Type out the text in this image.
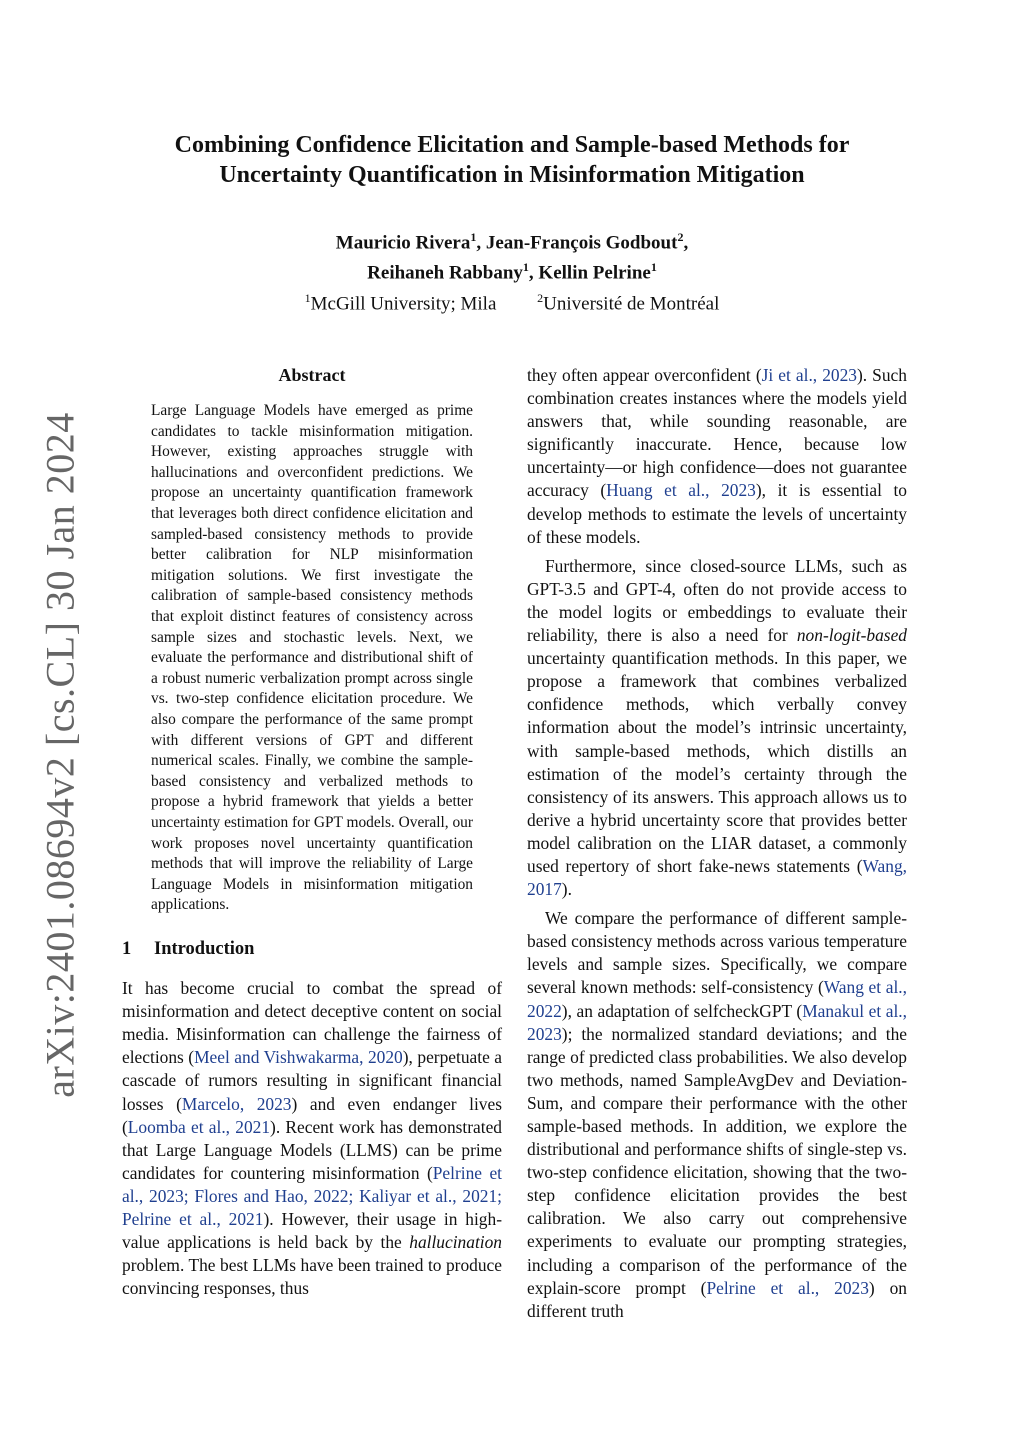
arXiv:2401.08694v2 [cs.CL] 30 Jan 2024
Combining Confidence Elicitation and Sample-based Methods for
Uncertainty Quantification in Misinformation Mitigation
Mauricio Rivera$^1$, Jean-François Godbout$^2$,
Reihaneh Rabbany$^1$, Kellin Pelrine$^1$
$^1$McGill University; Mila	$^2$Université de Montréal
Abstract
Large Language Models have emerged as prime candidates to tackle misinformation mitigation. However, existing approaches struggle with hallucinations and overconfident predictions. We propose an uncertainty quantification framework that leverages both direct confidence elicitation and sampled-based consistency methods to provide better calibration for NLP misinformation mitigation solutions. We first investigate the calibration of sample-based consistency methods that exploit distinct features of consistency across sample sizes and stochastic levels. Next, we evaluate the performance and distributional shift of a robust numeric verbalization prompt across single vs. two-step confidence elicitation procedure. We also compare the performance of the same prompt with different versions of GPT and different numerical scales. Finally, we combine the sample-based consistency and verbalized methods to propose a hybrid framework that yields a better uncertainty estimation for GPT models. Overall, our work proposes novel uncertainty quantification methods that will improve the reliability of Large Language Models in misinformation mitigation applications.
1 Introduction

It has become crucial to combat the spread of misinformation and detect deceptive content on social media. Misinformation can challenge the fairness of elections (Meel and Vishwakarma, 2020), perpetuate a cascade of rumors resulting in significant financial losses (Marcelo, 2023) and even endanger lives (Loomba et al., 2021). Recent work has demonstrated that Large Language Models (LLMS) can be prime candidates for countering misinformation (Pelrine et al., 2023; Flores and Hao, 2022; Kaliyar et al., 2021; Pelrine et al., 2021). However, their usage in high-value applications is held back by the hallucination problem. The best LLMs have been trained to produce convincing responses, thus

they often appear overconfident (Ji et al., 2023). Such combination creates instances where the models yield answers that, while sounding reasonable, are significantly inaccurate. Hence, because low uncertainty—or high confidence—does not guarantee accuracy (Huang et al., 2023), it is essential to develop methods to estimate the levels of uncertainty of these models.

Furthermore, since closed-source LLMs, such as GPT-3.5 and GPT-4, often do not provide access to the model logits or embeddings to evaluate their reliability, there is also a need for non-logit-based uncertainty quantification methods. In this paper, we propose a framework that combines verbalized confidence methods, which verbally convey information about the model’s intrinsic uncertainty, with sample-based methods, which distills an estimation of the model’s certainty through the consistency of its answers. This approach allows us to derive a hybrid uncertainty score that provides better model calibration on the LIAR dataset, a commonly used repertory of short fake-news statements (Wang, 2017).

We compare the performance of different sample-based consistency methods across various temperature levels and sample sizes. Specifically, we compare several known methods: self-consistency (Wang et al., 2022), an adaptation of selfcheckGPT (Manakul et al., 2023); the normalized standard deviations; and the range of predicted class probabilities. We also develop two methods, named SampleAvgDev and Deviation-Sum, and compare their performance with the other sample-based methods. In addition, we explore the distributional and performance shifts of single-step vs. two-step confidence elicitation, showing that the two-step confidence elicitation provides the best calibration. We also carry out comprehensive experiments to evaluate our prompting strategies, including a comparison of the performance of the explain-score prompt (Pelrine et al., 2023) on different truth
